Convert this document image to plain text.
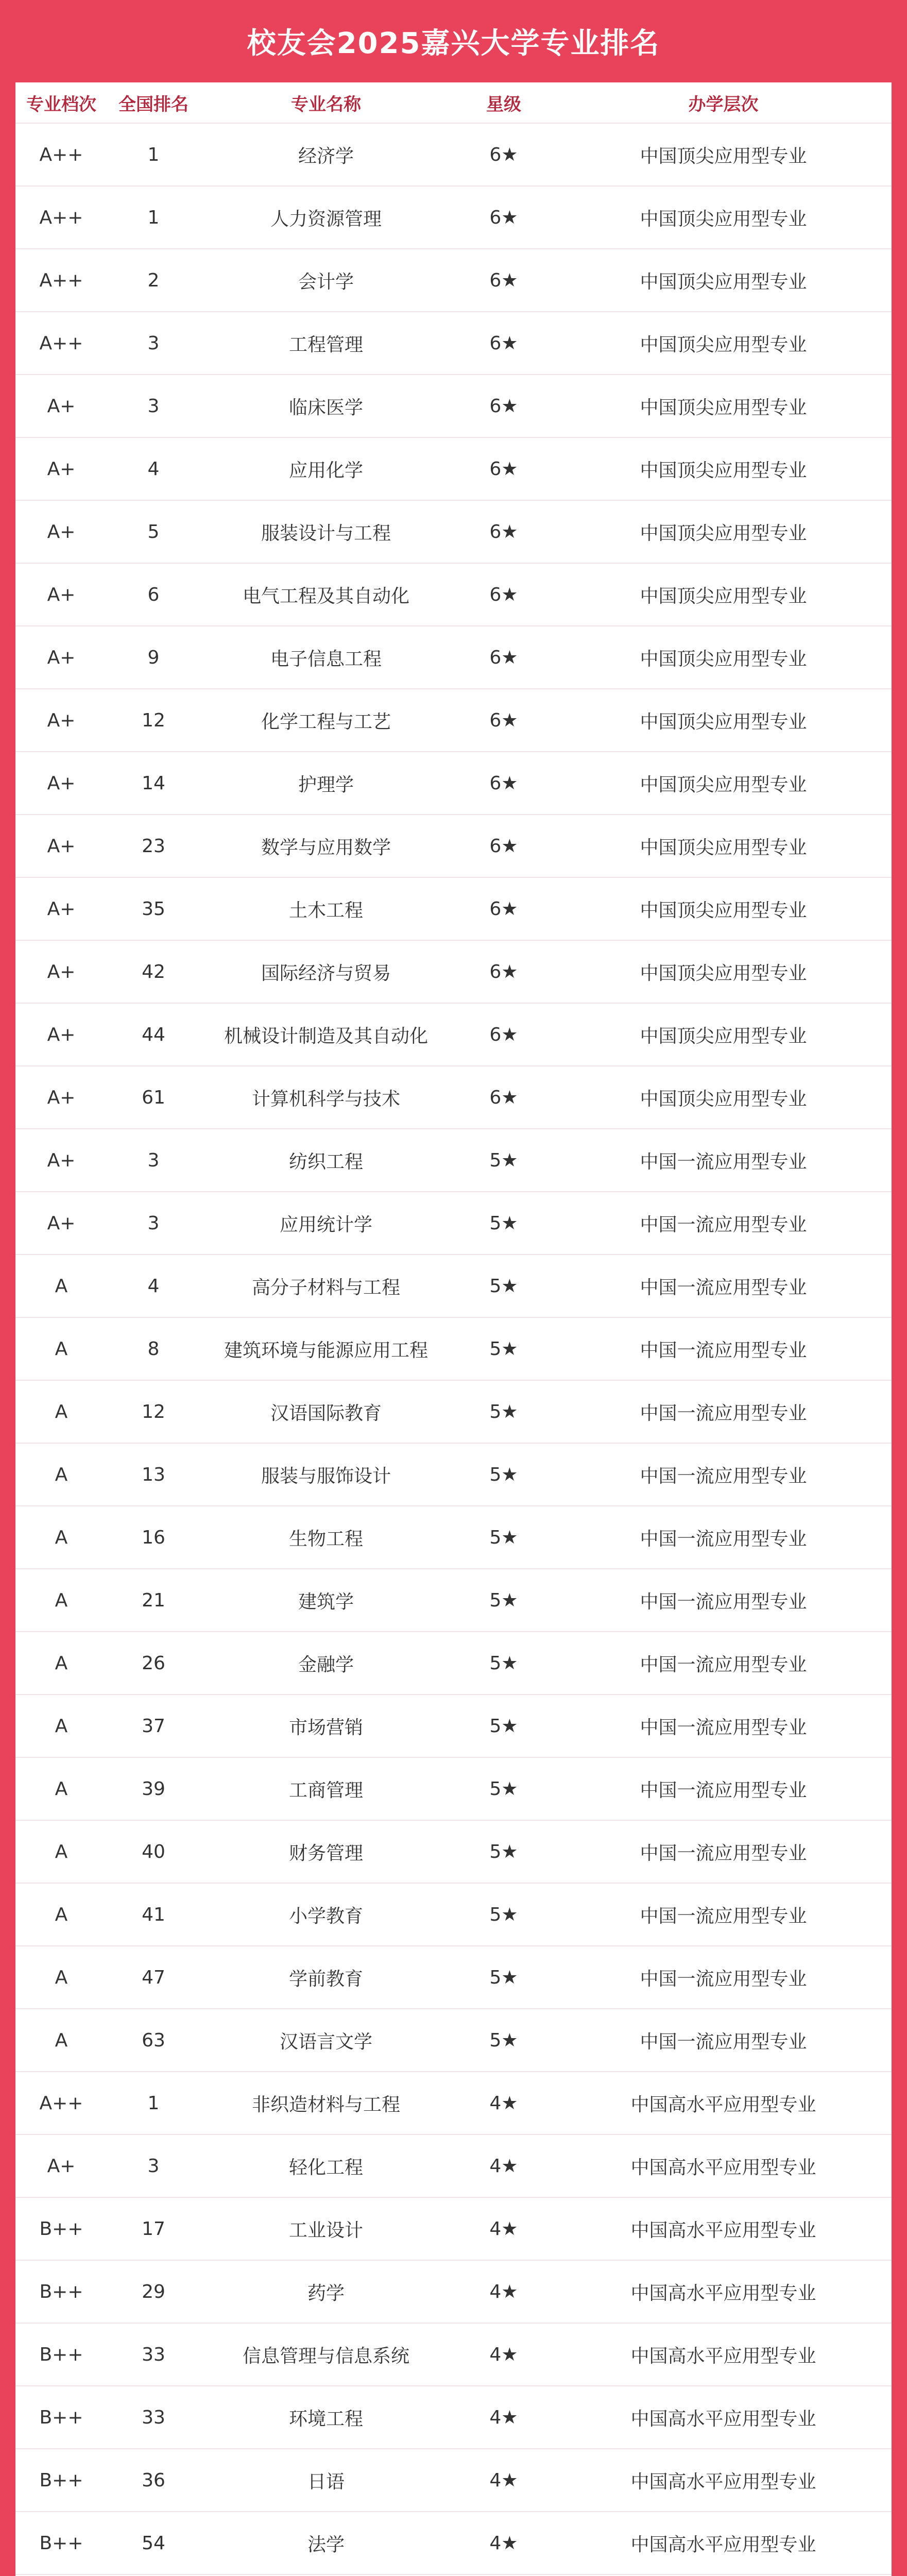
校友会2025嘉兴大学专业排名
专业档次	全国排名	专业名称	星级	办学层次
A++	1	经济学	6★	中国顶尖应用型专业
A++	1	人力资源管理	6★	中国顶尖应用型专业
A++	2	会计学	6★	中国顶尖应用型专业
A++	3	工程管理	6★	中国顶尖应用型专业
A+	3	临床医学	6★	中国顶尖应用型专业
A+	4	应用化学	6★	中国顶尖应用型专业
A+	5	服装设计与工程	6★	中国顶尖应用型专业
A+	6	电气工程及其自动化	6★	中国顶尖应用型专业
A+	9	电子信息工程	6★	中国顶尖应用型专业
A+	12	化学工程与工艺	6★	中国顶尖应用型专业
A+	14	护理学	6★	中国顶尖应用型专业
A+	23	数学与应用数学	6★	中国顶尖应用型专业
A+	35	土木工程	6★	中国顶尖应用型专业
A+	42	国际经济与贸易	6★	中国顶尖应用型专业
A+	44	机械设计制造及其自动化	6★	中国顶尖应用型专业
A+	61	计算机科学与技术	6★	中国顶尖应用型专业
A+	3	纺织工程	5★	中国一流应用型专业
A+	3	应用统计学	5★	中国一流应用型专业
A	4	高分子材料与工程	5★	中国一流应用型专业
A	8	建筑环境与能源应用工程	5★	中国一流应用型专业
A	12	汉语国际教育	5★	中国一流应用型专业
A	13	服装与服饰设计	5★	中国一流应用型专业
A	16	生物工程	5★	中国一流应用型专业
A	21	建筑学	5★	中国一流应用型专业
A	26	金融学	5★	中国一流应用型专业
A	37	市场营销	5★	中国一流应用型专业
A	39	工商管理	5★	中国一流应用型专业
A	40	财务管理	5★	中国一流应用型专业
A	41	小学教育	5★	中国一流应用型专业
A	47	学前教育	5★	中国一流应用型专业
A	63	汉语言文学	5★	中国一流应用型专业
A++	1	非织造材料与工程	4★	中国高水平应用型专业
A+	3	轻化工程	4★	中国高水平应用型专业
B++	17	工业设计	4★	中国高水平应用型专业
B++	29	药学	4★	中国高水平应用型专业
B++	33	信息管理与信息系统	4★	中国高水平应用型专业
B++	33	环境工程	4★	中国高水平应用型专业
B++	36	日语	4★	中国高水平应用型专业
B++	54	法学	4★	中国高水平应用型专业
